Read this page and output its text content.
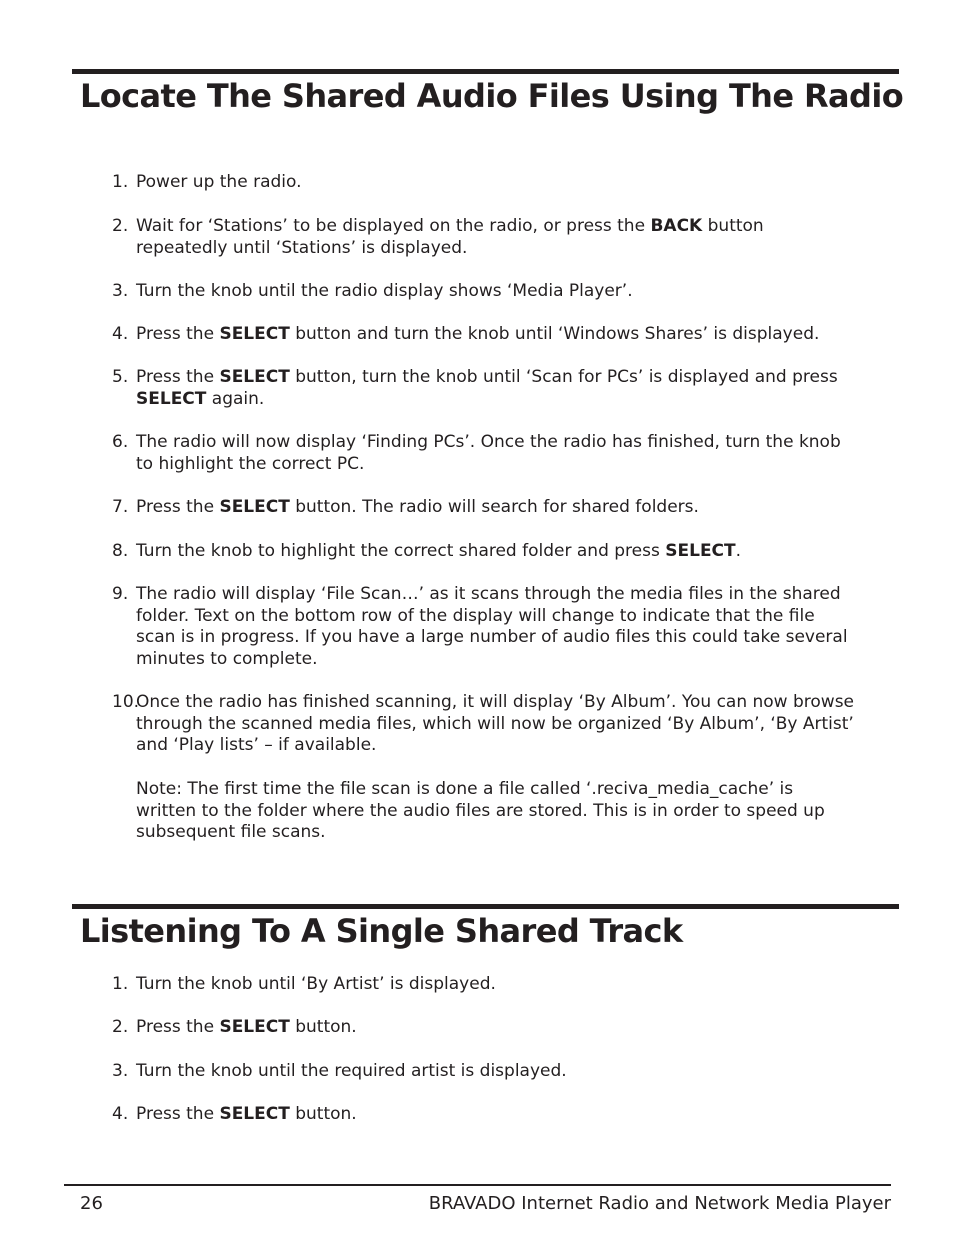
Locate The Shared Audio Files Using The Radio
1. Power up the radio.
2. Wait for ‘Stations’ to be displayed on the radio, or press the BACK button repeatedly until ‘Stations’ is displayed.
3. Turn the knob until the radio display shows ‘Media Player’.
4. Press the SELECT button and turn the knob until ‘Windows Shares’ is displayed.
5. Press the SELECT button, turn the knob until ‘Scan for PCs’ is displayed and press SELECT again.
6. The radio will now display ‘Finding PCs’. Once the radio has finished, turn the knob to highlight the correct PC.
7. Press the SELECT button. The radio will search for shared folders.
8. Turn the knob to highlight the correct shared folder and press SELECT.
9. The radio will display ‘File Scan…’ as it scans through the media files in the shared folder. Text on the bottom row of the display will change to indicate that the file scan is in progress. If you have a large number of audio files this could take several minutes to complete.
10.
Once the radio has finished scanning, it will display ‘By Album’. You can now browse through the scanned media files, which will now be organized ‘By Album’, ‘By Artist’ and ‘Play lists’ – if available.
Note: The first time the file scan is done a file called ‘.reciva_media_cache’ is written to the folder where the audio files are stored. This is in order to speed up subsequent file scans.
Listening To A Single Shared Track
1. Turn the knob until ‘By Artist’ is displayed.
2. Press the SELECT button.
3. Turn the knob until the required artist is displayed.
4. Press the SELECT button.
26	BRAVADO Internet Radio and Network Media Player
